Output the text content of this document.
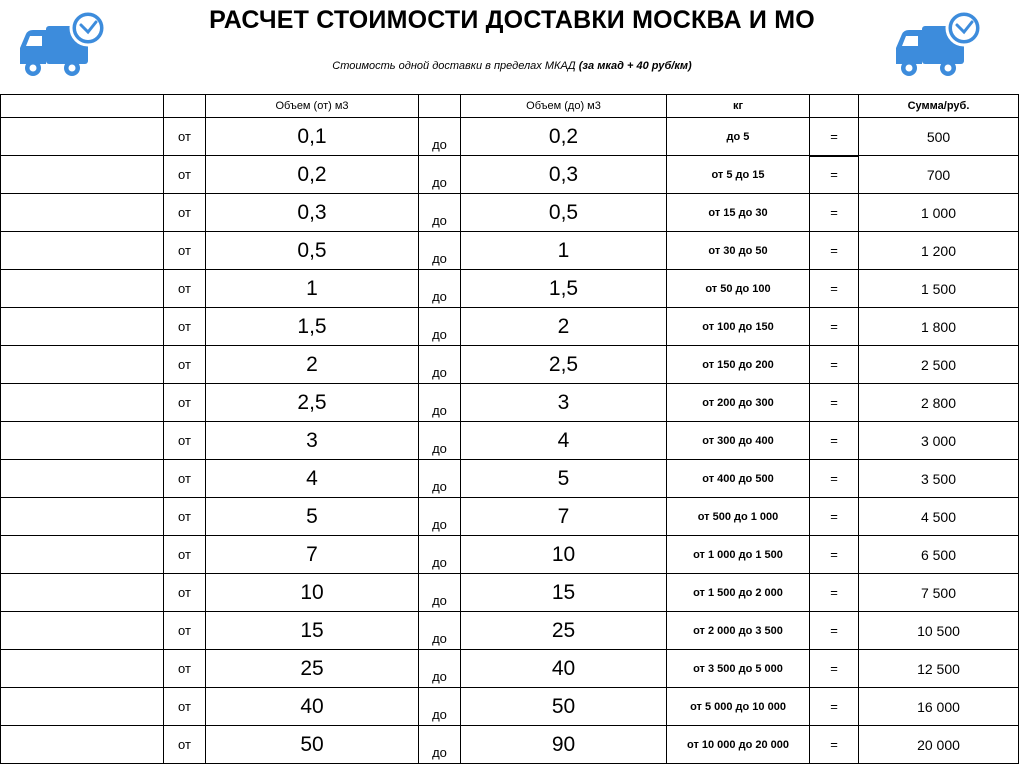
РАСЧЕТ СТОИМОСТИ ДОСТАВКИ МОСКВА И МО
Стоимость одной доставки в пределах МКАД (за мкад + 40 руб/км)
		Объем (от) м3		Объем (до) м3	кг		Сумма/руб.
	от	0,1	до	0,2	до 5	=	500
	от	0,2	до	0,3	от 5 до 15	=	700
	от	0,3	до	0,5	от 15 до 30	=	1 000
	от	0,5	до	1	от 30 до 50	=	1 200
	от	1	до	1,5	от 50 до 100	=	1 500
	от	1,5	до	2	от 100 до 150	=	1 800
	от	2	до	2,5	от 150 до 200	=	2 500
	от	2,5	до	3	от 200 до 300	=	2 800
	от	3	до	4	от 300 до 400	=	3 000
	от	4	до	5	от 400 до 500	=	3 500
	от	5	до	7	от 500 до 1 000	=	4 500
	от	7	до	10	от 1 000 до 1 500	=	6 500
	от	10	до	15	от 1 500 до 2 000	=	7 500
	от	15	до	25	от 2 000 до 3 500	=	10 500
	от	25	до	40	от 3 500 до 5 000	=	12 500
	от	40	до	50	от 5 000 до 10 000	=	16 000
	от	50	до	90	от 10 000 до 20 000	=	20 000
